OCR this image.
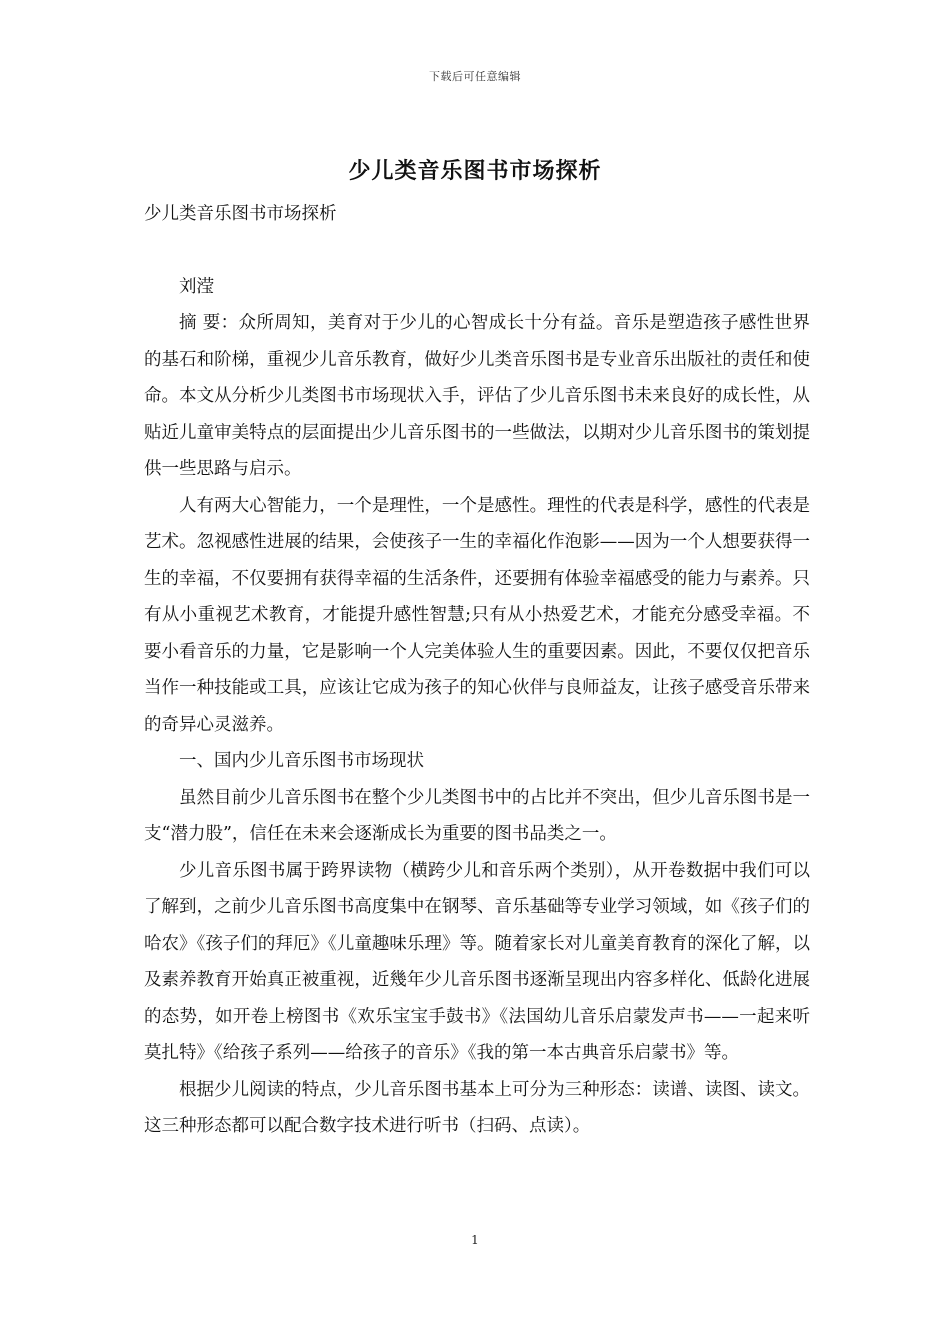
下载后可任意编辑
少儿类音乐图书市场探析

少儿类音乐图书市场探析

刘滢

摘 要：众所周知，美育对于少儿的心智成长十分有益。音乐是塑造孩子感性世界的基石和阶梯，重视少儿音乐教育，做好少儿类音乐图书是专业音乐出版社的责任和使命。本文从分析少儿类图书市场现状入手，评估了少儿音乐图书未来良好的成长性，从贴近儿童审美特点的层面提出少儿音乐图书的一些做法，以期对少儿音乐图书的策划提供一些思路与启示。

人有两大心智能力，一个是理性，一个是感性。理性的代表是科学，感性的代表是艺术。忽视感性进展的结果，会使孩子一生的幸福化作泡影——因为一个人想要获得一生的幸福，不仅要拥有获得幸福的生活条件，还要拥有体验幸福感受的能力与素养。只有从小重视艺术教育，才能提升感性智慧;只有从小热爱艺术，才能充分感受幸福。不要小看音乐的力量，它是影响一个人完美体验人生的重要因素。因此，不要仅仅把音乐当作一种技能或工具，应该让它成为孩子的知心伙伴与良师益友，让孩子感受音乐带来的奇异心灵滋养。

一、国内少儿音乐图书市场现状

虽然目前少儿音乐图书在整个少儿类图书中的占比并不突出，但少儿音乐图书是一支“潜力股”，信任在未来会逐渐成长为重要的图书品类之一。

少儿音乐图书属于跨界读物（横跨少儿和音乐两个类别），从开卷数据中我们可以了解到，之前少儿音乐图书高度集中在钢琴、音乐基础等专业学习领域，如《孩子们的哈农》《孩子们的拜厄》《儿童趣味乐理》等。随着家长对儿童美育教育的深化了解，以及素养教育开始真正被重视，近幾年少儿音乐图书逐渐呈现出内容多样化、低龄化进展的态势，如开卷上榜图书《欢乐宝宝手鼓书》《法国幼儿音乐启蒙发声书——一起来听莫扎特》《给孩子系列——给孩子的音乐》《我的第一本古典音乐启蒙书》等。

根据少儿阅读的特点，少儿音乐图书基本上可分为三种形态：读谱、读图、读文。这三种形态都可以配合数字技术进行听书（扫码、点读）。

1
